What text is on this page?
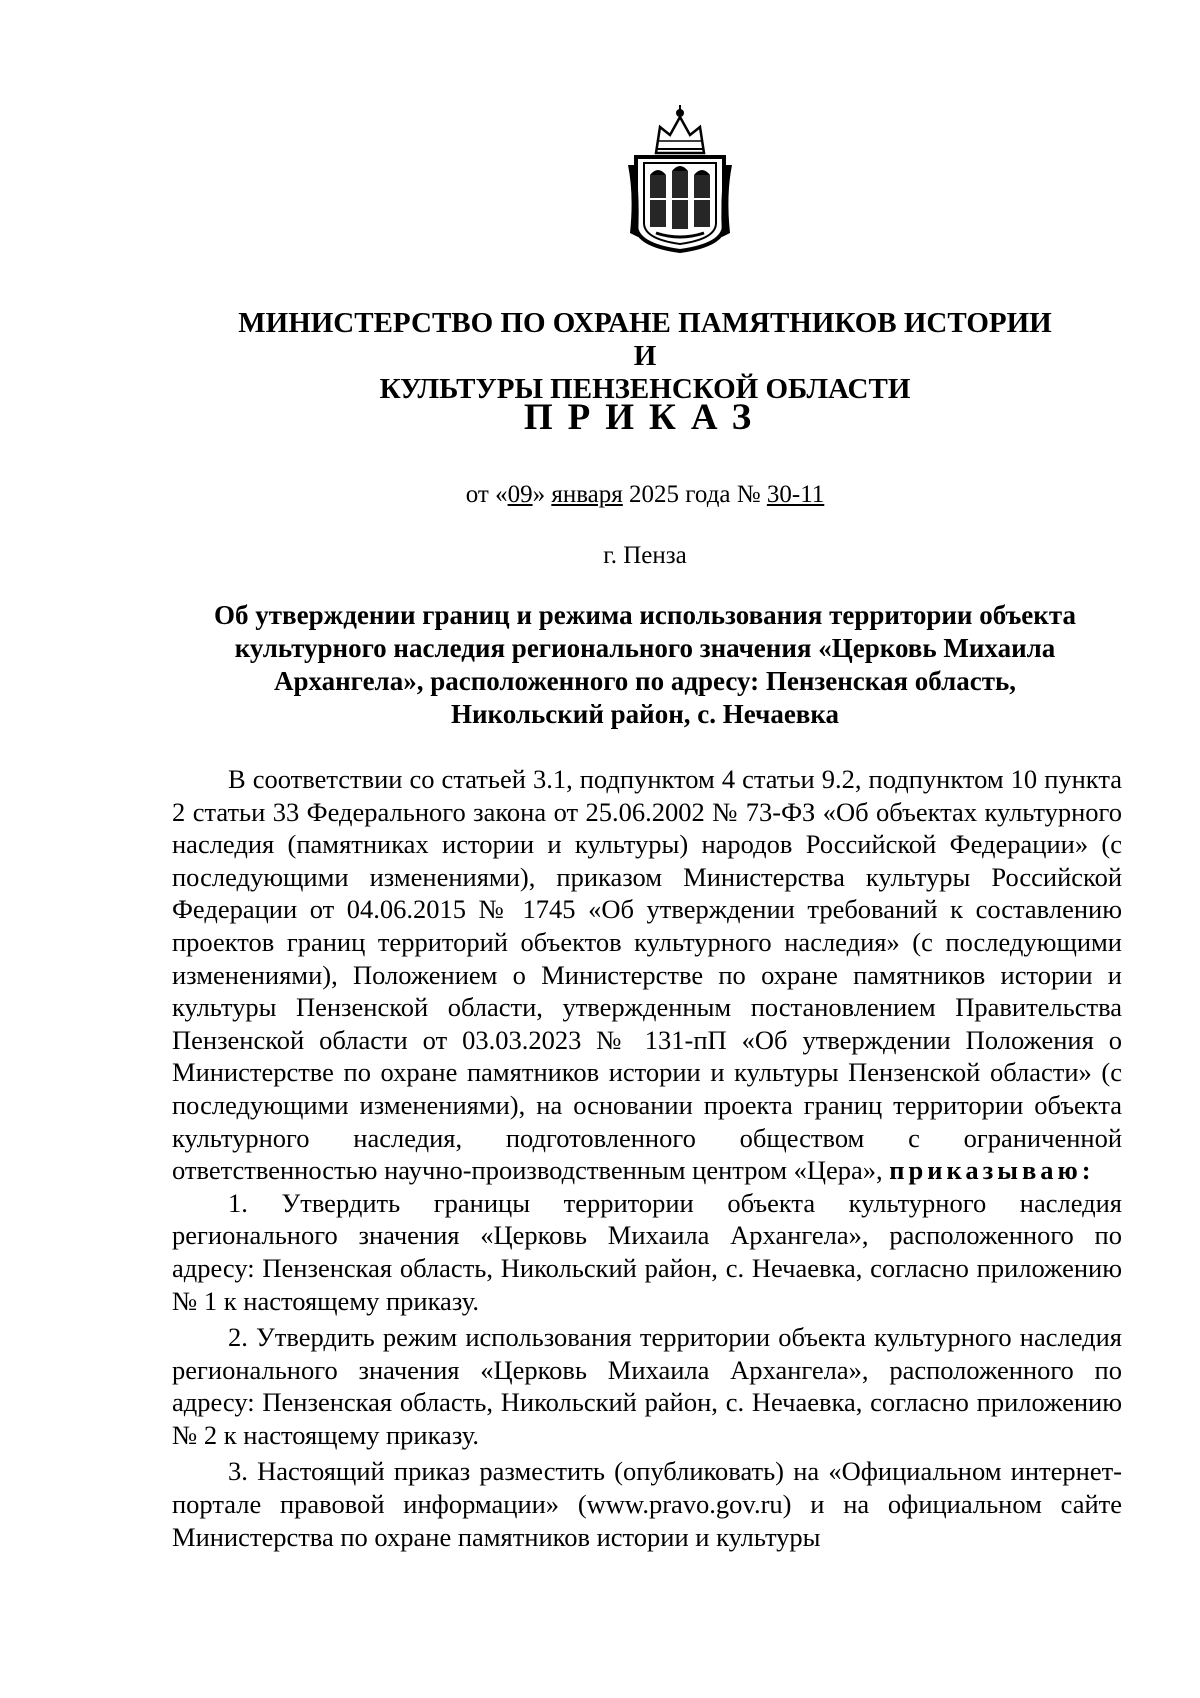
МИНИСТЕРСТВО ПО ОХРАНЕ ПАМЯТНИКОВ ИСТОРИИ И
КУЛЬТУРЫ ПЕНЗЕНСКОЙ ОБЛАСТИ
ПРИКАЗ
от «09» января 2025 года № 30-11
г. Пенза
Об утверждении границ и режима использования территории объекта
культурного наследия регионального значения «Церковь Михаила
Архангела», расположенного по адресу: Пензенская область,
Никольский район, с. Нечаевка

В соответствии со статьей 3.1, подпунктом 4 статьи 9.2, подпунктом 10 пункта 2 статьи 33 Федерального закона от 25.06.2002 № 73-ФЗ «Об объектах культурного наследия (памятниках истории и культуры) народов Российской Федерации» (с последующими изменениями), приказом Министерства культуры Российской Федерации от 04.06.2015 № 1745 «Об утверждении требований к составлению проектов границ территорий объектов культурного наследия» (с последующими изменениями), Положением о Министерстве по охране памятников истории и культуры Пензенской области, утвержденным постановлением Правительства Пензенской области от 03.03.2023 № 131-пП «Об утверждении Положения о Министерстве по охране памятников истории и культуры Пензенской области» (с последующими изменениями), на основании проекта границ территории объекта культурного наследия, подготовленного обществом с ограниченной ответственностью научно-производственным центром «Цера», приказываю:

1. Утвердить границы территории объекта культурного наследия регионального значения «Церковь Михаила Архангела», расположенного по адресу: Пензенская область, Никольский район, с. Нечаевка, согласно приложению № 1 к настоящему приказу.

2. Утвердить режим использования территории объекта культурного наследия регионального значения «Церковь Михаила Архангела», расположенного по адресу: Пензенская область, Никольский район, с. Нечаевка, согласно приложению № 2 к настоящему приказу.

3. Настоящий приказ разместить (опубликовать) на «Официальном интернет-портале правовой информации» (www.pravo.gov.ru) и на официальном сайте Министерства по охране памятников истории и культуры
